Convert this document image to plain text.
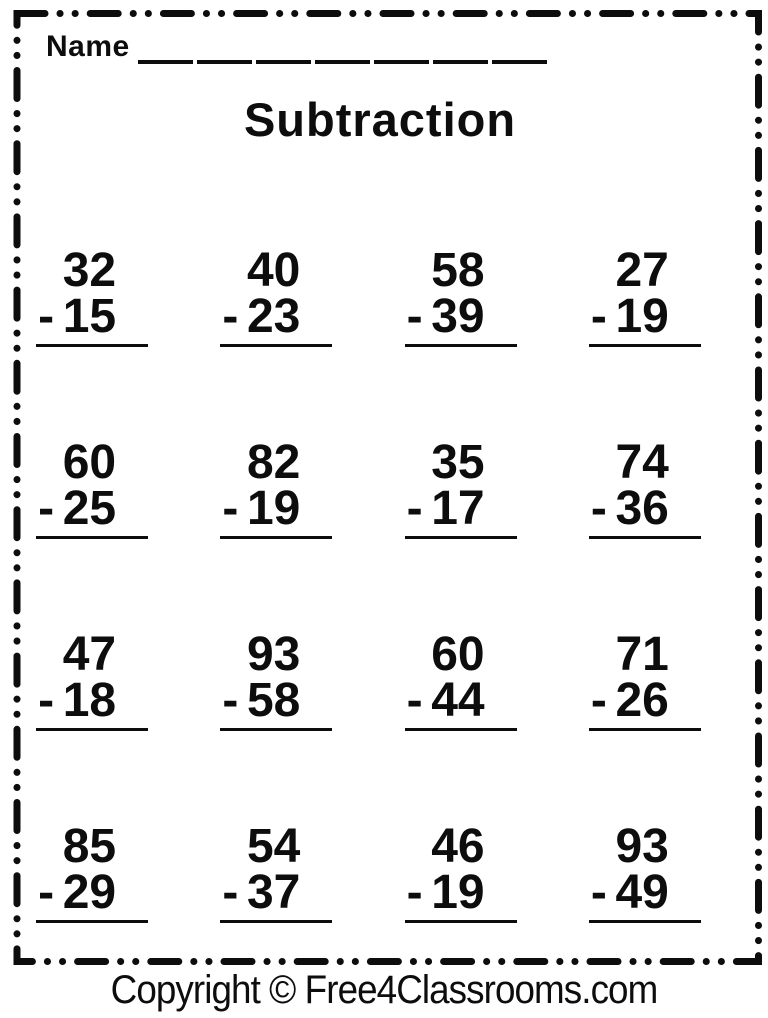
Name
Subtraction
32
- 15
40
- 23
58
- 39
27
- 19
60
- 25
82
- 19
35
- 17
74
- 36
47
- 18
93
- 58
60
- 44
71
- 26
85
- 29
54
- 37
46
- 19
93
- 49
Copyright © Free4Classrooms.com
